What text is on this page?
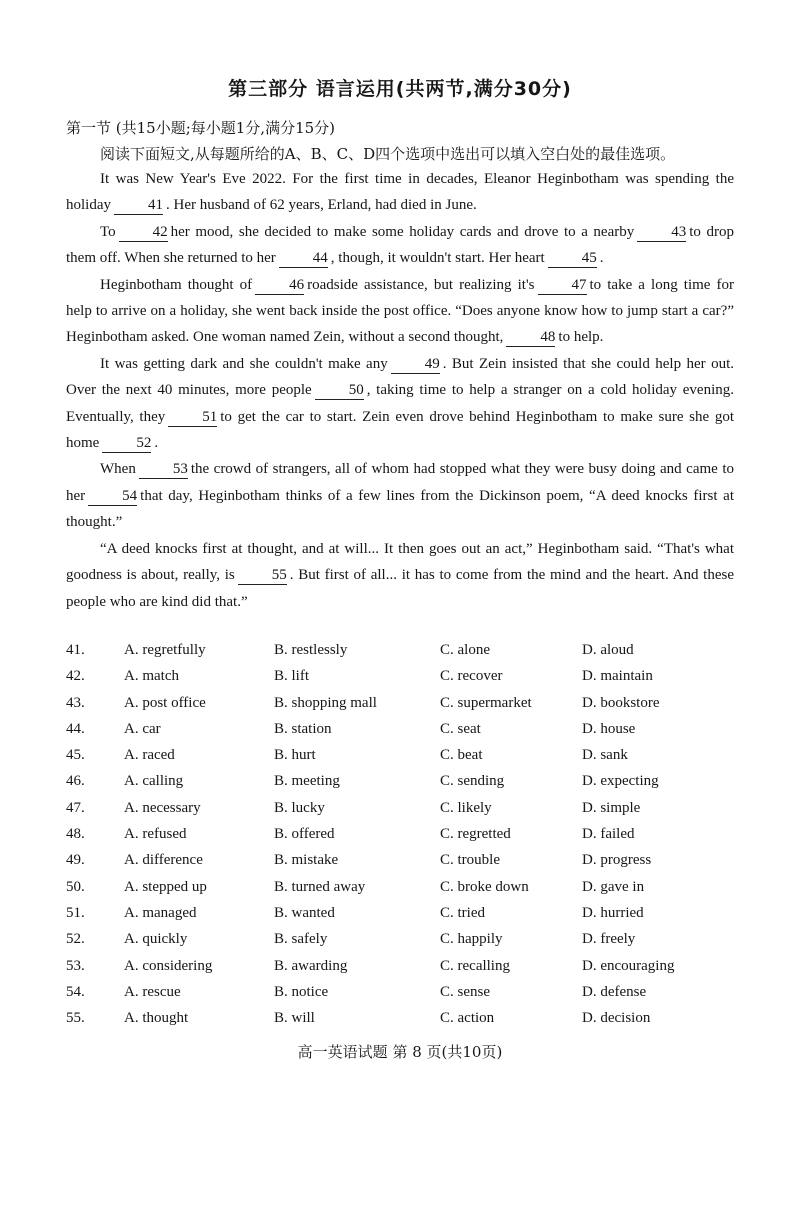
第三部分 语言运用(共两节,满分30分)
第一节 (共15小题;每小题1分,满分15分)
阅读下面短文,从每题所给的A、B、C、D四个选项中选出可以填入空白处的最佳选项。

It was New Year's Eve 2022. For the first time in decades, Eleanor Heginbotham was spending the holiday 41 . Her husband of 62 years, Erland, had died in June.

To 42 her mood, she decided to make some holiday cards and drove to a nearby 43 to drop them off. When she returned to her 44 , though, it wouldn't start. Her heart 45 .

Heginbotham thought of 46 roadside assistance, but realizing it's 47 to take a long time for help to arrive on a holiday, she went back inside the post office. “Does anyone know how to jump start a car?” Heginbotham asked. One woman named Zein, without a second thought, 48 to help.

It was getting dark and she couldn't make any 49 . But Zein insisted that she could help her out. Over the next 40 minutes, more people 50 , taking time to help a stranger on a cold holiday evening. Eventually, they 51 to get the car to start. Zein even drove behind Heginbotham to make sure she got home 52 .

When 53 the crowd of strangers, all of whom had stopped what they were busy doing and came to her 54 that day, Heginbotham thinks of a few lines from the Dickinson poem, “A deed knocks first at thought.”

“A deed knocks first at thought, and at will... It then goes out an act,” Heginbotham said. “That's what goodness is about, really, is 55 . But first of all... it has to come from the mind and the heart. And these people who are kind did that.”

41.	A. regretfully	B. restlessly	C. alone	D. aloud
42.	A. match	B. lift	C. recover	D. maintain
43.	A. post office	B. shopping mall	C. supermarket	D. bookstore
44.	A. car	B. station	C. seat	D. house
45.	A. raced	B. hurt	C. beat	D. sank
46.	A. calling	B. meeting	C. sending	D. expecting
47.	A. necessary	B. lucky	C. likely	D. simple
48.	A. refused	B. offered	C. regretted	D. failed
49.	A. difference	B. mistake	C. trouble	D. progress
50.	A. stepped up	B. turned away	C. broke down	D. gave in
51.	A. managed	B. wanted	C. tried	D. hurried
52.	A. quickly	B. safely	C. happily	D. freely
53.	A. considering	B. awarding	C. recalling	D. encouraging
54.	A. rescue	B. notice	C. sense	D. defense
55.	A. thought	B. will	C. action	D. decision
高一英语试题 第 8 页(共10页)
